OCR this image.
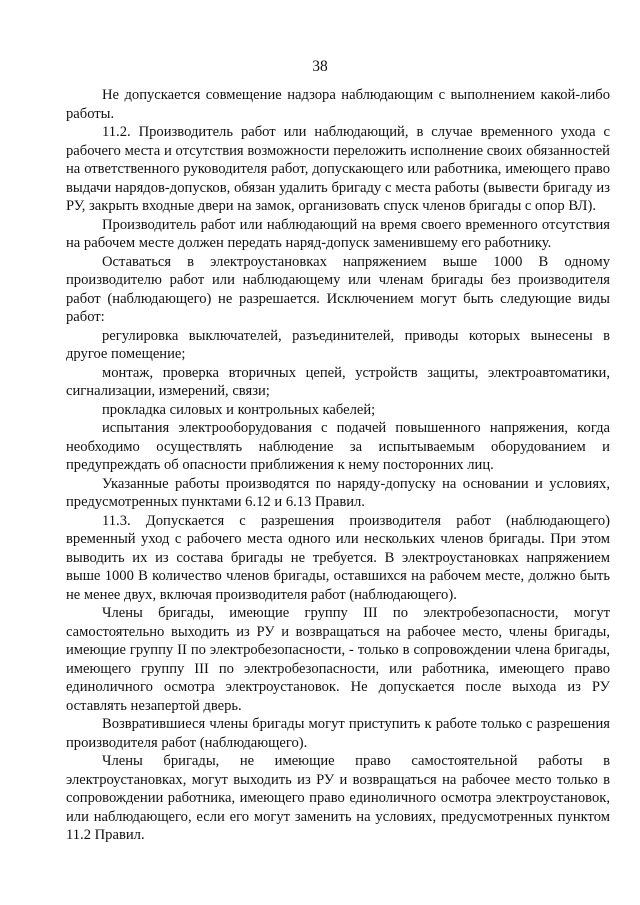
38

Не допускается совмещение надзора наблюдающим с выполнением какой-либо работы.

11.2. Производитель работ или наблюдающий, в случае временного ухода с рабочего места и отсутствия возможности переложить исполнение своих обязанностей на ответственного руководителя работ, допускающего или работника, имеющего право выдачи нарядов-допусков, обязан удалить бригаду с места работы (вывести бригаду из РУ, закрыть входные двери на замок, организовать спуск членов бригады с опор ВЛ).

Производитель работ или наблюдающий на время своего временного отсутствия на рабочем месте должен передать наряд-допуск заменившему его работнику.

Оставаться в электроустановках напряжением выше 1000 В одному производителю работ или наблюдающему или членам бригады без производителя работ (наблюдающего) не разрешается. Исключением могут быть следующие виды работ:

регулировка выключателей, разъединителей, приводы которых вынесены в другое помещение;

монтаж, проверка вторичных цепей, устройств защиты, электроавтоматики, сигнализации, измерений, связи;

прокладка силовых и контрольных кабелей;

испытания электрооборудования с подачей повышенного напряжения, когда необходимо осуществлять наблюдение за испытываемым оборудованием и предупреждать об опасности приближения к нему посторонних лиц.

Указанные работы производятся по наряду-допуску на основании и условиях, предусмотренных пунктами 6.12 и 6.13 Правил.

11.3. Допускается с разрешения производителя работ (наблюдающего) временный уход с рабочего места одного или нескольких членов бригады. При этом выводить их из состава бригады не требуется. В электроустановках напряжением выше 1000 В количество членов бригады, оставшихся на рабочем месте, должно быть не менее двух, включая производителя работ (наблюдающего).

Члены бригады, имеющие группу III по электробезопасности, могут самостоятельно выходить из РУ и возвращаться на рабочее место, члены бригады, имеющие группу II по электробезопасности, - только в сопровождении члена бригады, имеющего группу III по электробезопасности, или работника, имеющего право единоличного осмотра электроустановок. Не допускается после выхода из РУ оставлять незапертой дверь.

Возвратившиеся члены бригады могут приступить к работе только с разрешения производителя работ (наблюдающего).

Члены бригады, не имеющие право самостоятельной работы в электроустановках, могут выходить из РУ и возвращаться на рабочее место только в сопровождении работника, имеющего право единоличного осмотра электроустановок, или наблюдающего, если его могут заменить на условиях, предусмотренных пунктом 11.2 Правил.
